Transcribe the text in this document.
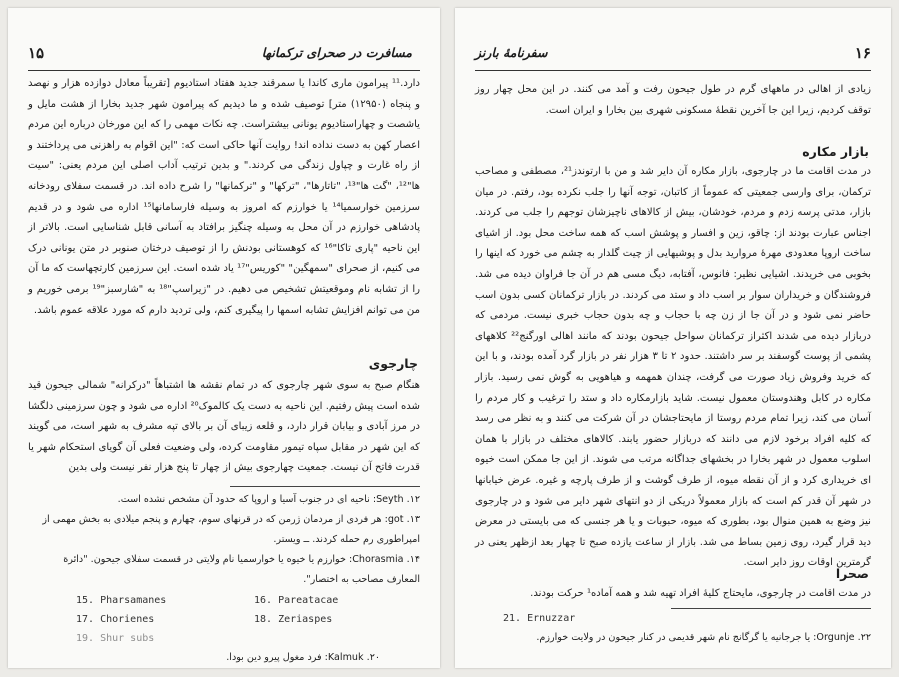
۱۵	مسافرت در صحرای ترکمانها

دارد.¹¹ پیرامون ماری کاندا یا سمرقند جدید هفتاد استادیوم [تقریباً معادل دوازده هزار و نهصد و پنجاه (۱۲۹۵۰) متر] توصیف شده و ما دیدیم که پیرامون شهر جدید بخارا از هشت مایل و یاشصت و چهاراستادیوم یونانی بیشتراست. چه نکات مهمی را که این مورخان درباره این مردم اعصار کهن به دست نداده اند! روایت آنها حاکی است که: "این اقوام به راهزنی می پرداختند و از راه غارت و چپاول زندگی می کردند." و بدین ترتیب آداب اصلی این مردم یعنی: "سیت ها"¹²، "گت ها"¹³، "تاتارها"، "ترکها" و "ترکمانها" را شرح داده اند. در قسمت سفلای رودخانه سرزمین خوارسمیا¹⁴ یا خوارزم که امروز به وسیله فارسامانها¹⁵ اداره می شود و در قدیم پادشاهی خوارزم در آن محل به وسیله چنگیز برافتاد به آسانی قابل شناسایی است. بالاتر از این ناحیه "پاری تاکا"¹⁶ که کوهستانی بودنش را از توصیف درختان صنوبر در متن یونانی درک می کنیم، از صحرای "سمهگین" "کوریس"¹⁷ یاد شده است. این سرزمین کارتچهاست که ما آن را از تشابه نام وموقعیتش تشخیص می دهیم. در "زیراسپ"¹⁸ به "شارسبز"¹⁹ برمی خوریم و من می توانم افزایش تشابه اسمها را پیگیری کنم، ولی تردید دارم که مورد علاقه عموم باشد.

چارجوی

هنگام صبح به سوی شهر چارجوی که در تمام نقشه ها اشتباهاً "درکرانه" شمالی جیحون قید شده است پیش رفتیم. این ناحیه به دست یک کالموک²⁰ اداره می شود و چون سرزمینی دلگشا در مرز آبادی و بیابان قرار دارد، و قلعه زیبای آن بر بالای تپه مشرف به شهر است، می گویند که این شهر در مقابل سپاه تیمور مقاومت کرده، ولی وضعیت فعلی آن گویای استحکام شهر یا قدرت فاتح آن نیست. جمعیت چهارجوی بیش از چهار تا پنج هزار نفر نیست ولی بدین

۱۲. Seyth: ناحیه ای در جنوب آسیا و اروپا که حدود آن مشخص نشده است.

۱۳. got: هر فردی از مردمان ژرمن که در قرنهای سوم، چهارم و پنجم میلادی به بخش مهمی از امپراطوری رم حمله کردند. ــ ویستر.

۱۴. Chorasmia: خوارزم یا خیوه یا خوارسمیا نام ولایتی در قسمت سفلای جیحون. "دائرة المعارف مصاحب به اختصار".

15. Pharsamanes	16. Pareatacae
17. Chorienes	18. Zeriaspes
19. Shur subs

۲۰. Kalmuk: فرد مغول پیرو دین بودا.

۱۶
سفرنامهٔ بارنز

زیادی از اهالی در ماههای گرم در طول جیحون رفت و آمد می کنند. در این محل چهار روز توقف کردیم، زیرا این جا آخرین نقطهٔ مسکونی شهری بین بخارا و ایران است.

بازار مکاره

در مدت اقامت ما در چارجوی، بازار مکاره آن دایر شد و من با ارتوندز²¹، مصطفی و مصاحب ترکمان، برای وارسی جمعیتی که عموماً از کاتبان، توجه آنها را جلب نکرده بود، رفتم. در میان بازار، مدتی پرسه زدم و مردم، خودشان، بیش از کالاهای ناچیزشان توجهم را جلب می کردند. اجناس عبارت بودند از: چاقو، زین و افسار و پوشش اسب که همه ساخت محل بود. از اشیای ساخت اروپا معدودی مهرهٔ مروارید بدل و پوشیهایی از چیت گلدار به چشم می خورد که اینها را بخوبی می خریدند. اشیایی نظیر: فانوس، آفتابه، دیگ مسی هم در آن جا فراوان دیده می شد. فروشندگان و خریداران سوار بر اسب داد و ستد می کردند. در بازار ترکمانان کسی بدون اسب حاضر نمی شود و در آن جا از زن چه با حجاب و چه بدون حجاب خبری نیست. مردمی که دربازار دیده می شدند اکثراز ترکمانان سواحل جیحون بودند که مانند اهالی اورگنج²² کلاههای پشمی از پوست گوسفند بر سر داشتند. حدود ۲ تا ۳ هزار نفر در بازار گرد آمده بودند، و با این که خرید وفروش زیاد صورت می گرفت، چندان همهمه و هیاهویی به گوش نمی رسید. بازار مکاره در کابل وهندوستان معمول نیست. شاید بازارمکاره داد و ستد را ترغیب و کار مردم را آسان می کند، زیرا تمام مردم روستا از مایحتاجشان در آن شرکت می کنند و به نظر می رسد که کلیه افراد برخود لازم می دانند که دربازار حضور یابند. کالاهای مختلف در بازار با همان اسلوب معمول در شهر بخارا در بخشهای جداگانه مرتب می شوند. از این جا ممکن است خیوه ای خریداری کرد و از آن نقطه میوه، از طرف گوشت و از طرف پارچه و غیره. عرض خیابانها در شهر آن قدر کم است که بازار معمولاً دریکی از دو انتهای شهر دایر می شود و در چارجوی نیز وضع به همین منوال بود، بطوری که میوه، حبوبات و یا هر جنسی که می بایستی در معرض دید قرار گیرد، روی زمین بساط می شد. بازار از ساعت یازده صبح تا چهار بعد ازظهر یعنی در گرمترین اوقات روز دایر است.

صحرا

در مدت اقامت در چارجوی، مایحتاج کلیهٔ افراد تهیه شد و همه آماده¹ حرکت بودند.

21. Ernuzzar

۲۲. Orgunje: یا جرجانیه یا گرگانج نام شهر قدیمی در کنار جیحون در ولایت خوارزم.
